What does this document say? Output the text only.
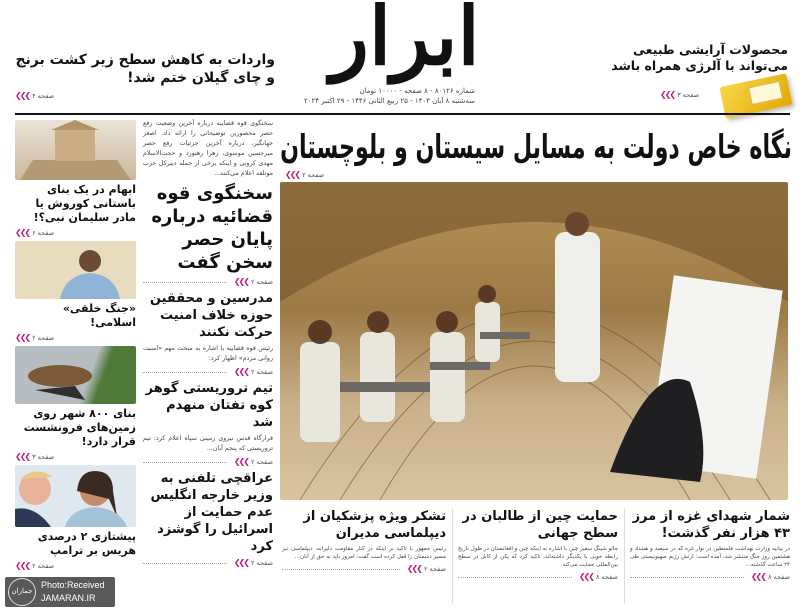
ابرار
شماره ۸۰۱۲۶ - ۸ صفحه - ۱۰۰۰۰ تومان
سه‌شنبه ۸ آبان ۱۴۰۳ - ۲۵ ربیع الثانی ۱۴۴۶ - ۲۹ اکتبر ۲۰۲۴
واردات به کاهش سطح زیر کشت برنج و چای گیلان ختم شد!
صفحه ۴
❯❯❯
محصولات آرایشی طبیعی
می‌تواند با آلرژی همراه باشد
صفحه ۳
❯❯❯
نگاه خاص دولت به مسایل سیستان و بلوچستان
صفحه ۲
❯❯❯
سخنگوی قوه قضاییه درباره آخرین وضعیت رفع حصر محصورین توضیحاتی را ارائه داد. اصغر جهانگیر، درباره آخرین جزئیات رفع حصر میرحسین موسوی، زهرا رهنورد و حجت‌الاسلام مهدی کروبی و اینکه برخی از جمله دبیرکل حزب موتلفه اعلام می‌کنند...
سخنگوی قوه قضائیه درباره پایان حصر سخن گفت
صفحه ۲
❯❯❯
مدرسین و محققین حوزه خلاف امنیت حرکت نکنند
رئیس قوه قضاییه با اشاره به مبحث مهم «امنیت روانی مردم» اظهار کرد:
صفحه ۲
❯❯❯
تیم تروریستی گوهر کوه تفتان منهدم شد
قرارگاه قدس نیروی زمینی سپاه اعلام کرد: تیم تروریستی که پنجم آبان...
صفحه ۲
❯❯❯
عراقچی تلفنی به وزیر خارجه انگلیس عدم حمایت از اسرائیل را گوشزد کرد
صفحه ۲
❯❯❯
ابهام در یک بنای باستانی کوروش یا مادر سلیمان نبی؟!
صفحه ۶
❯❯❯
«جنگ خلقی» اسلامی!
صفحه ۲
❯❯❯
بنای ۸۰۰ شهر روی زمین‌های فرونشست قرار دارد!
صفحه ۳
❯❯❯
پیشتازی ۲ درصدی هریس بر ترامپ
صفحه ۲
❯❯❯
شمار شهدای غزه از مرز ۴۳ هزار نفر گذشت!
در بیانیه وزارت بهداشت فلسطین در نوار غزه که در سیصد و هشتاد و هشتمین روز جنگ منتشر شد، آمده است: ارتش رژیم صهیونیستی طی ۲۴ ساعت گذشته...
صفحه ۸
❯❯❯
حمایت چین از طالبان در سطح جهانی
جائو شینگ سفیر چین با اشاره به اینکه چین و افغانستان در طول تاریخ رابطه خوبی با یکدیگر داشته‌اند، تاکید کرد که پکن از کابل در سطح بین‌المللی حمایت می‌کند.
صفحه ۸
❯❯❯
تشکر ویژه پزشکیان از دیپلماسی مدیران
رئیس جمهور با تاکید بر اینکه در کنار مقاومت دلیرانه، دیپلماسی نیز مسیر دشمنان را قفل کرده است گفت: امروز باید به حق از آنان...
صفحه ۲
❯❯❯
جماران
Photo:Received
JAMARAN.IR
